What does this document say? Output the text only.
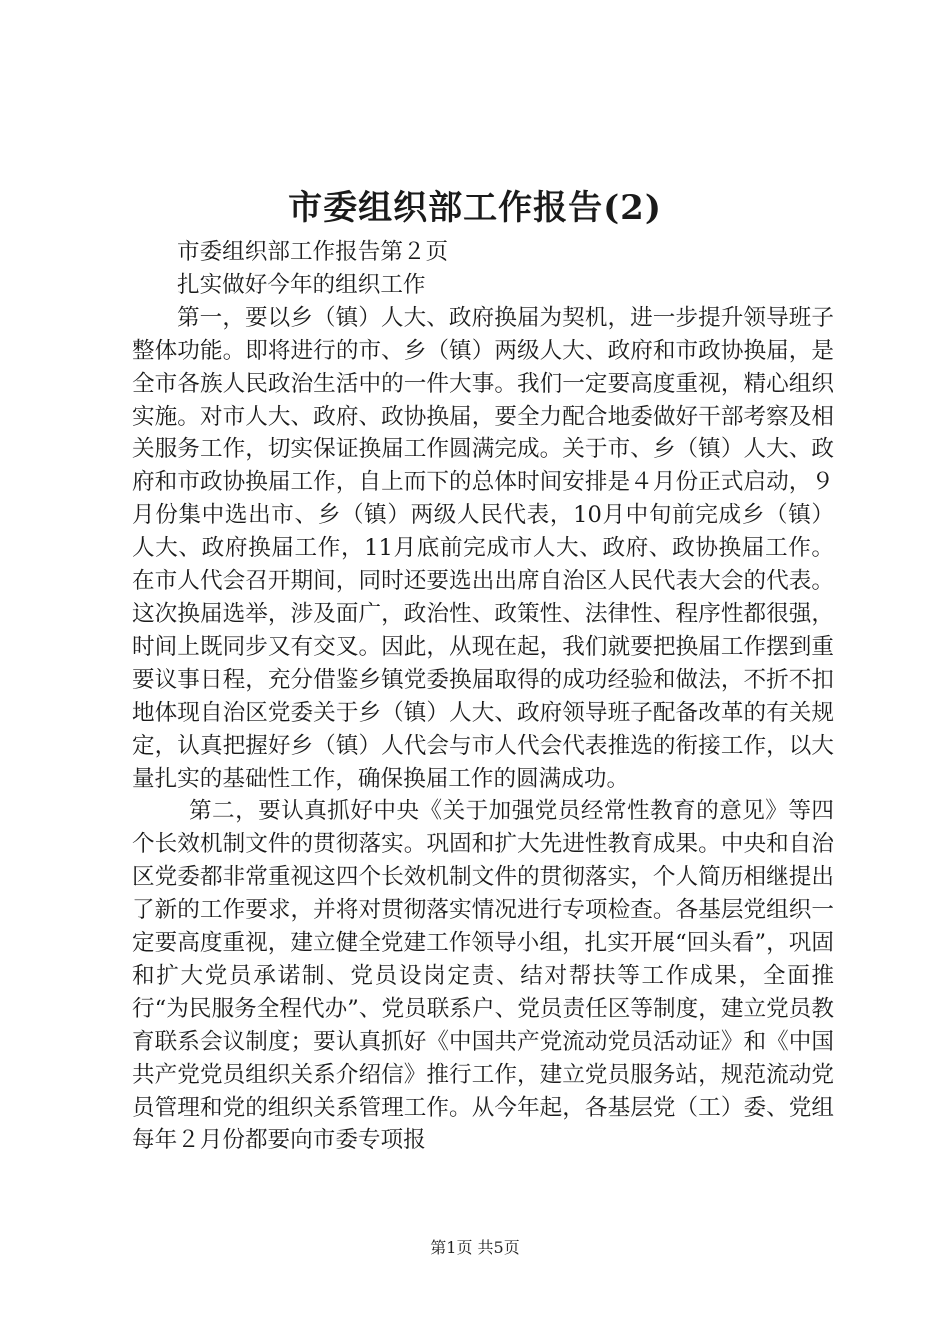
市委组织部工作报告(2)

市委组织部工作报告第２页

扎实做好今年的组织工作

第一，要以乡（镇）人大、政府换届为契机，进一步提升领导班子整体功能。即将进行的市、乡（镇）两级人大、政府和市政协换届，是全市各族人民政治生活中的一件大事。我们一定要高度重视，精心组织实施。对市人大、政府、政协换届，要全力配合地委做好干部考察及相关服务工作，切实保证换届工作圆满完成。关于市、乡（镇）人大、政府和市政协换届工作，自上而下的总体时间安排是４月份正式启动，９月份集中选出市、乡（镇）两级人民代表，10月中旬前完成乡（镇）人大、政府换届工作，11月底前完成市人大、政府、政协换届工作。在市人代会召开期间，同时还要选出出席自治区人民代表大会的代表。这次换届选举，涉及面广，政治性、政策性、法律性、程序性都很强，时间上既同步又有交叉。因此，从现在起，我们就要把换届工作摆到重要议事日程，充分借鉴乡镇党委换届取得的成功经验和做法，不折不扣地体现自治区党委关于乡（镇）人大、政府领导班子配备改革的有关规定，认真把握好乡（镇）人代会与市人代会代表推选的衔接工作，以大量扎实的基础性工作，确保换届工作的圆满成功。

第二，要认真抓好中央《关于加强党员经常性教育的意见》等四个长效机制文件的贯彻落实。巩固和扩大先进性教育成果。中央和自治区党委都非常重视这四个长效机制文件的贯彻落实，个人简历相继提出了新的工作要求，并将对贯彻落实情况进行专项检查。各基层党组织一定要高度重视，建立健全党建工作领导小组，扎实开展“回头看”，巩固和扩大党员承诺制、党员设岗定责、结对帮扶等工作成果，全面推行“为民服务全程代办”、党员联系户、党员责任区等制度，建立党员教育联系会议制度；要认真抓好《中国共产党流动党员活动证》和《中国共产党党员组织关系介绍信》推行工作，建立党员服务站，规范流动党员管理和党的组织关系管理工作。从今年起，各基层党（工）委、党组每年２月份都要向市委专项报

第1页 共5页
